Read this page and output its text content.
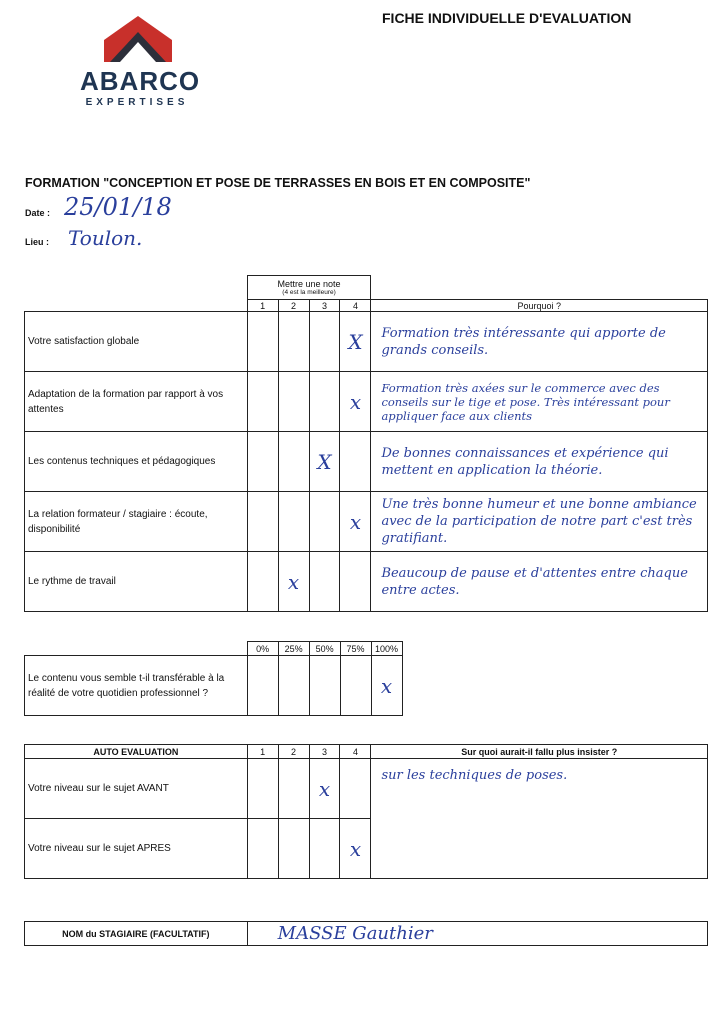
FICHE INDIVIDUELLE D'EVALUATION
ABARCO
EXPERTISES
FORMATION "CONCEPTION ET POSE DE TERRASSES EN BOIS ET EN COMPOSITE"
Date : 25/01/18
Lieu : Toulon.

	Mettre une note
(4 est la meilleure)				

	1	2	3	4	Pourquoi ?
Votre satisfaction globale				X	Formation très intéressante qui apporte de grands conseils.
Adaptation de la formation par rapport à vos attentes				x	Formation très axées sur le commerce avec des conseils sur le tige et pose. Très intéressant pour appliquer face aux clients
Les contenus techniques et pédagogiques			X		De bonnes connaissances et expérience qui mettent en application la théorie.
La relation formateur / stagiaire : écoute, disponibilité				x	Une très bonne humeur et une bonne ambiance avec de la participation de notre part c'est très gratifiant.
Le rythme de travail		x			Beaucoup de pause et d'attentes entre chaque entre actes.
	0%	25%	50%	75%	100%	
Le contenu vous semble t-il transférable à la réalité de votre quotidien professionnel ?					x	
AUTO EVALUATION	1	2	3	4	Sur quoi aurait-il fallu plus insister ?
Votre niveau sur le sujet AVANT			x		sur les techniques de poses.
Votre niveau sur le sujet APRES				x	
NOM du STAGIAIRE (FACULTATIF)	MASSE Gauthier
